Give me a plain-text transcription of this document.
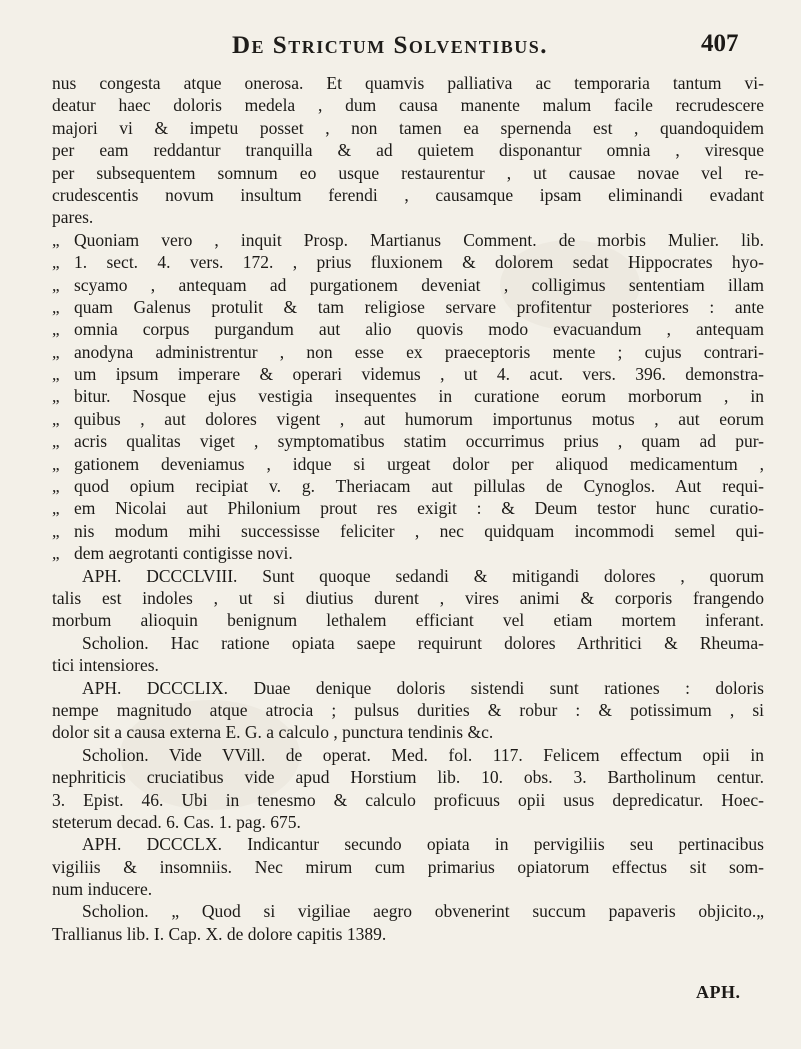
De Strictum Solventibus.	407
nus congesta atque onerosa. Et quamvis palliativa ac temporaria tantum vi-
deatur haec doloris medela , dum causa manente malum facile recrudescere
majori vi & impetu posset , non tamen ea spernenda est , quandoquidem
per eam reddantur tranquilla & ad quietem disponantur omnia , viresque
per subsequentem somnum eo usque restaurentur , ut causae novae vel re-
crudescentis novum insultum ferendi , causamque ipsam eliminandi evadant
pares.
„ Quoniam vero , inquit Prosp. Martianus Comment. de morbis Mulier. lib.
„ 1. sect. 4. vers. 172. , prius fluxionem & dolorem sedat Hippocrates hyo-
„ scyamo , antequam ad purgationem deveniat , colligimus sententiam illam
„ quam Galenus protulit & tam religiose servare profitentur posteriores : ante
„ omnia corpus purgandum aut alio quovis modo evacuandum , antequam
„ anodyna administrentur , non esse ex praeceptoris mente ; cujus contrari-
„ um ipsum imperare & operari videmus , ut 4. acut. vers. 396. demonstra-
„ bitur. Nosque ejus vestigia insequentes in curatione eorum morborum , in
„ quibus , aut dolores vigent , aut humorum importunus motus , aut eorum
„ acris qualitas viget , symptomatibus statim occurrimus prius , quam ad pur-
„ gationem deveniamus , idque si urgeat dolor per aliquod medicamentum ,
„ quod opium recipiat v. g. Theriacam aut pillulas de Cynoglos. Aut requi-
„ em Nicolai aut Philonium prout res exigit : & Deum testor hunc curatio-
„ nis modum mihi successisse feliciter , nec quidquam incommodi semel qui-
„ dem aegrotanti contigisse novi.
APH. DCCCLVIII. Sunt quoque sedandi & mitigandi dolores , quorum
talis est indoles , ut si diutius durent , vires animi & corporis frangendo
morbum alioquin benignum lethalem efficiant vel etiam mortem inferant.
Scholion. Hac ratione opiata saepe requirunt dolores Arthritici & Rheuma-
tici intensiores.
APH. DCCCLIX. Duae denique doloris sistendi sunt rationes : doloris
nempe magnitudo atque atrocia ; pulsus durities & robur : & potissimum , si
dolor sit a causa externa E. G. a calculo , punctura tendinis &c.
Scholion. Vide VVill. de operat. Med. fol. 117. Felicem effectum opii in
nephriticis cruciatibus vide apud Horstium lib. 10. obs. 3. Bartholinum centur.
3. Epist. 46. Ubi in tenesmo & calculo proficuus opii usus depredicatur. Hoec-
steterum decad. 6. Cas. 1. pag. 675.
APH. DCCCLX. Indicantur secundo opiata in pervigiliis seu pertinacibus
vigiliis & insomniis. Nec mirum cum primarius opiatorum effectus sit som-
num inducere.
Scholion. „ Quod si vigiliae aegro obvenerint succum papaveris objicito.„
Trallianus lib. I. Cap. X. de dolore capitis 1389.
APH.
